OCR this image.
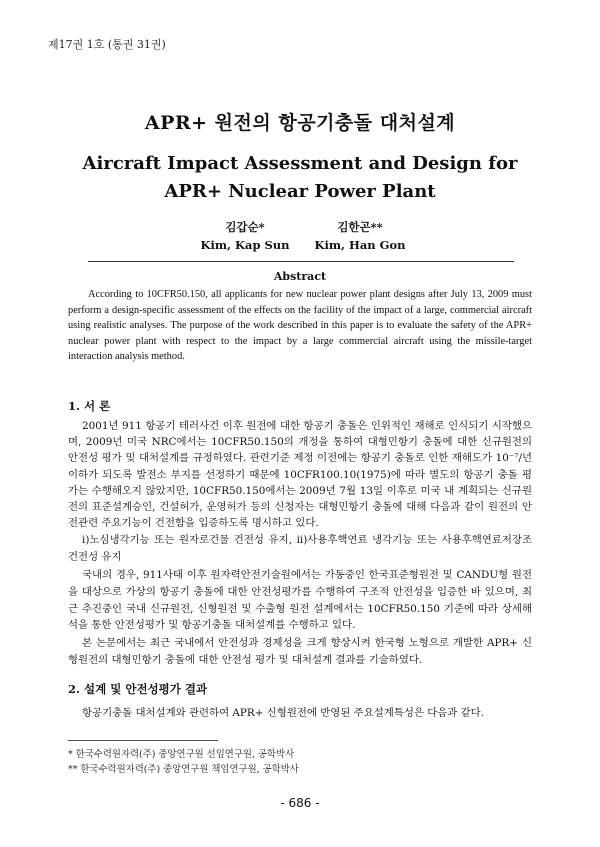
제17권 1호 (통권 31권)
APR+ 원전의 항공기충돌 대처설계
Aircraft Impact Assessment and Design for
APR+ Nuclear Power Plant
김갑순*
Kim, Kap Sun
김한곤**
Kim, Han Gon
Abstract
According to 10CFR50.150, all applicants for new nuclear power plant designs after July 13, 2009 must perform a design-specific assessment of the effects on the facility of the impact of a large, commercial aircraft using realistic analyses. The purpose of the work described in this paper is to evaluate the safety of the APR+ nuclear power plant with respect to the impact by a large commercial aircraft using the missile-target interaction analysis method.
1. 서 론
2001년 911 항공기 테러사건 이후 원전에 대한 항공기 충돌은 인위적인 재해로 인식되기 시작했으며, 2009년 미국 NRC에서는 10CFR50.150의 개정을 통하여 대형민항기 충돌에 대한 신규원전의 안전성 평가 및 대처설계를 규정하였다. 관련기준 제정 이전에는 항공기 충돌로 인한 재해도가 10⁻⁷/년 이하가 되도록 발전소 부지를 선정하기 때문에 10CFR100.10(1975)에 따라 별도의 항공기 충돌 평가는 수행해오지 않았지만, 10CFR50.150에서는 2009년 7월 13일 이후로 미국 내 계획되는 신규원전의 표준설계승인, 건설허가, 운영허가 등의 신청자는 대형민항기 충돌에 대해 다음과 같이 원전의 안전관련 주요기능이 건전함을 입증하도록 명시하고 있다.
i)노심냉각기능 또는 원자로건물 건전성 유지, ii)사용후핵연료 냉각기능 또는 사용후핵연료저장조 건전성 유지
국내의 경우, 911사태 이후 원자력안전기술원에서는 가동중인 한국표준형원전 및 CANDU형 원전을 대상으로 가상의 항공기 충돌에 대한 안전성평가를 수행하여 구조적 안전성을 입증한 바 있으며, 최근 추진중인 국내 신규원전, 신형원전 및 수출형 원전 설계에서는 10CFR50.150 기준에 따라 상세해석을 통한 안전성평가 및 항공기충돌 대처설계를 수행하고 있다.
본 논문에서는 최근 국내에서 안전성과 경제성을 크게 향상시켜 한국형 노형으로 개발한 APR+ 신형원전의 대형민항기 충돌에 대한 안전성 평가 및 대처설계 결과를 기술하였다.
2. 설계 및 안전성평가 결과
항공기충돌 대처설계와 관련하여 APR+ 신형원전에 반영된 주요설계특성은 다음과 같다.
* 한국수력원자력(주) 중앙연구원 선임연구원, 공학박사
** 한국수력원자력(주) 중앙연구원 책임연구원, 공학박사
- 686 -
